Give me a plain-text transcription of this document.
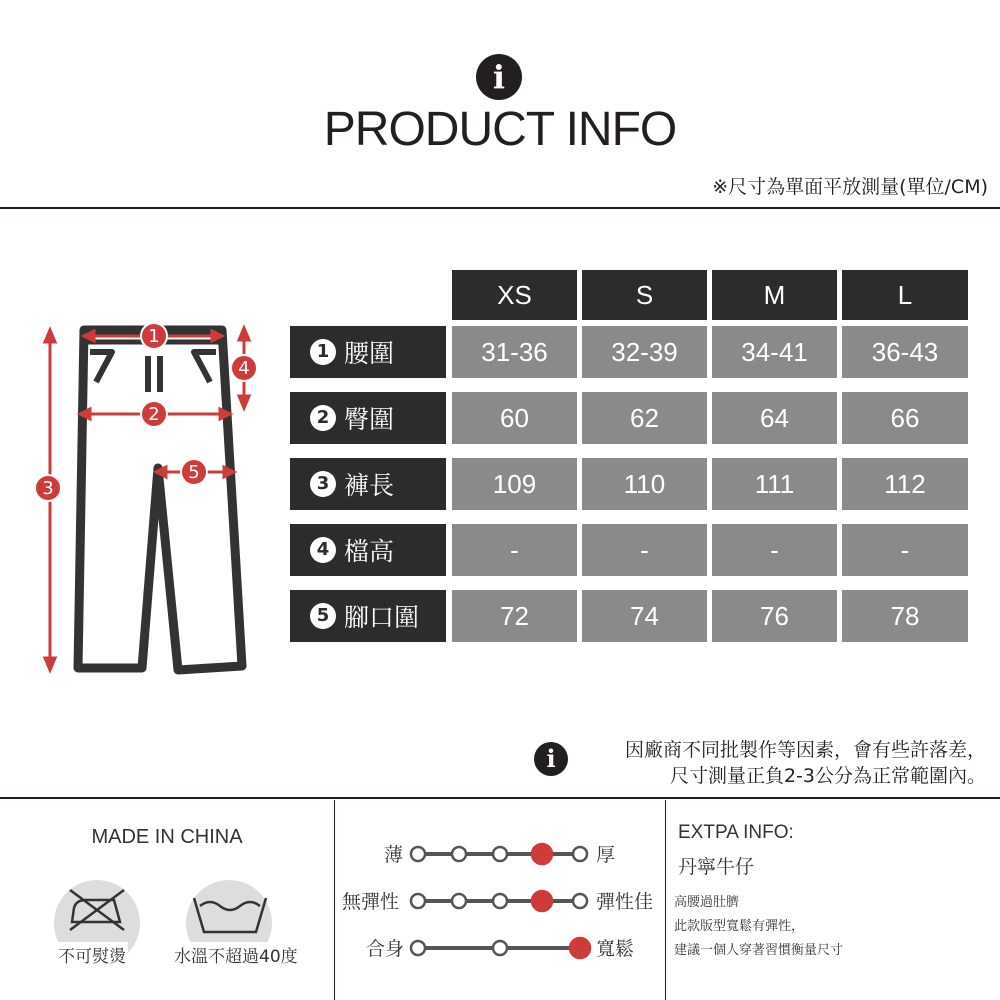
i
PRODUCT INFO
※尺寸為單面平放測量(單位/CM)
1
2
3
4
5
XS	S	M	L
1 腰圍	31-36	32-39	34-41	36-43
2 臀圍	60	62	64	66
3 褲長	109	110	111	112
4 檔高	-	-	-	-
5 腳口圍	72	74	76	78
i	因廠商不同批製作等因素，會有些許落差，
尺寸測量正負2-3公分為正常範圍內。
MADE IN CHINA
不可熨燙	水溫不超過40度
薄	厚
無彈性	彈性佳
合身	寬鬆
EXTPA INFO:
丹寧牛仔
高腰過肚臍
此款版型寬鬆有彈性，
建議一個人穿著習慣衡量尺寸
